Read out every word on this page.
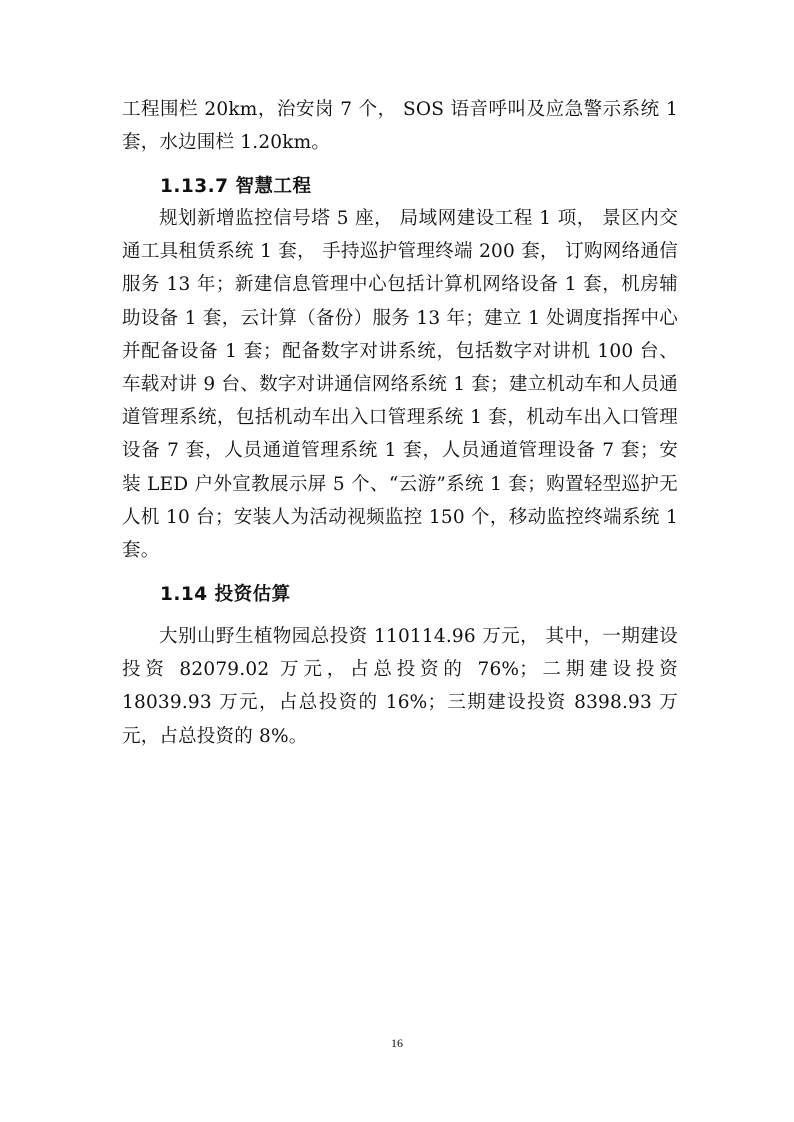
工程围栏 20km，治安岗 7 个， SOS 语音呼叫及应急警示系统 1 套，水边围栏 1.20km。

1.13.7 智慧工程

规划新增监控信号塔 5 座， 局域网建设工程 1 项， 景区内交通工具租赁系统 1 套， 手持巡护管理终端 200 套， 订购网络通信服务 13 年；新建信息管理中心包括计算机网络设备 1 套，机房辅助设备 1 套，云计算（备份）服务 13 年；建立 1 处调度指挥中心并配备设备 1 套；配备数字对讲系统，包括数字对讲机 100 台、车载对讲 9 台、数字对讲通信网络系统 1 套；建立机动车和人员通道管理系统，包括机动车出入口管理系统 1 套，机动车出入口管理设备 7 套，人员通道管理系统 1 套，人员通道管理设备 7 套；安装 LED 户外宣教展示屏 5 个、“云游”系统 1 套；购置轻型巡护无人机 10 台；安装人为活动视频监控 150 个，移动监控终端系统 1 套。

1.14 投资估算

大别山野生植物园总投资 110114.96 万元， 其中，一期建设投资 82079.02 万元，占总投资的 76%；二期建设投资 18039.93 万元，占总投资的 16%；三期建设投资 8398.93 万元，占总投资的 8%。

16
